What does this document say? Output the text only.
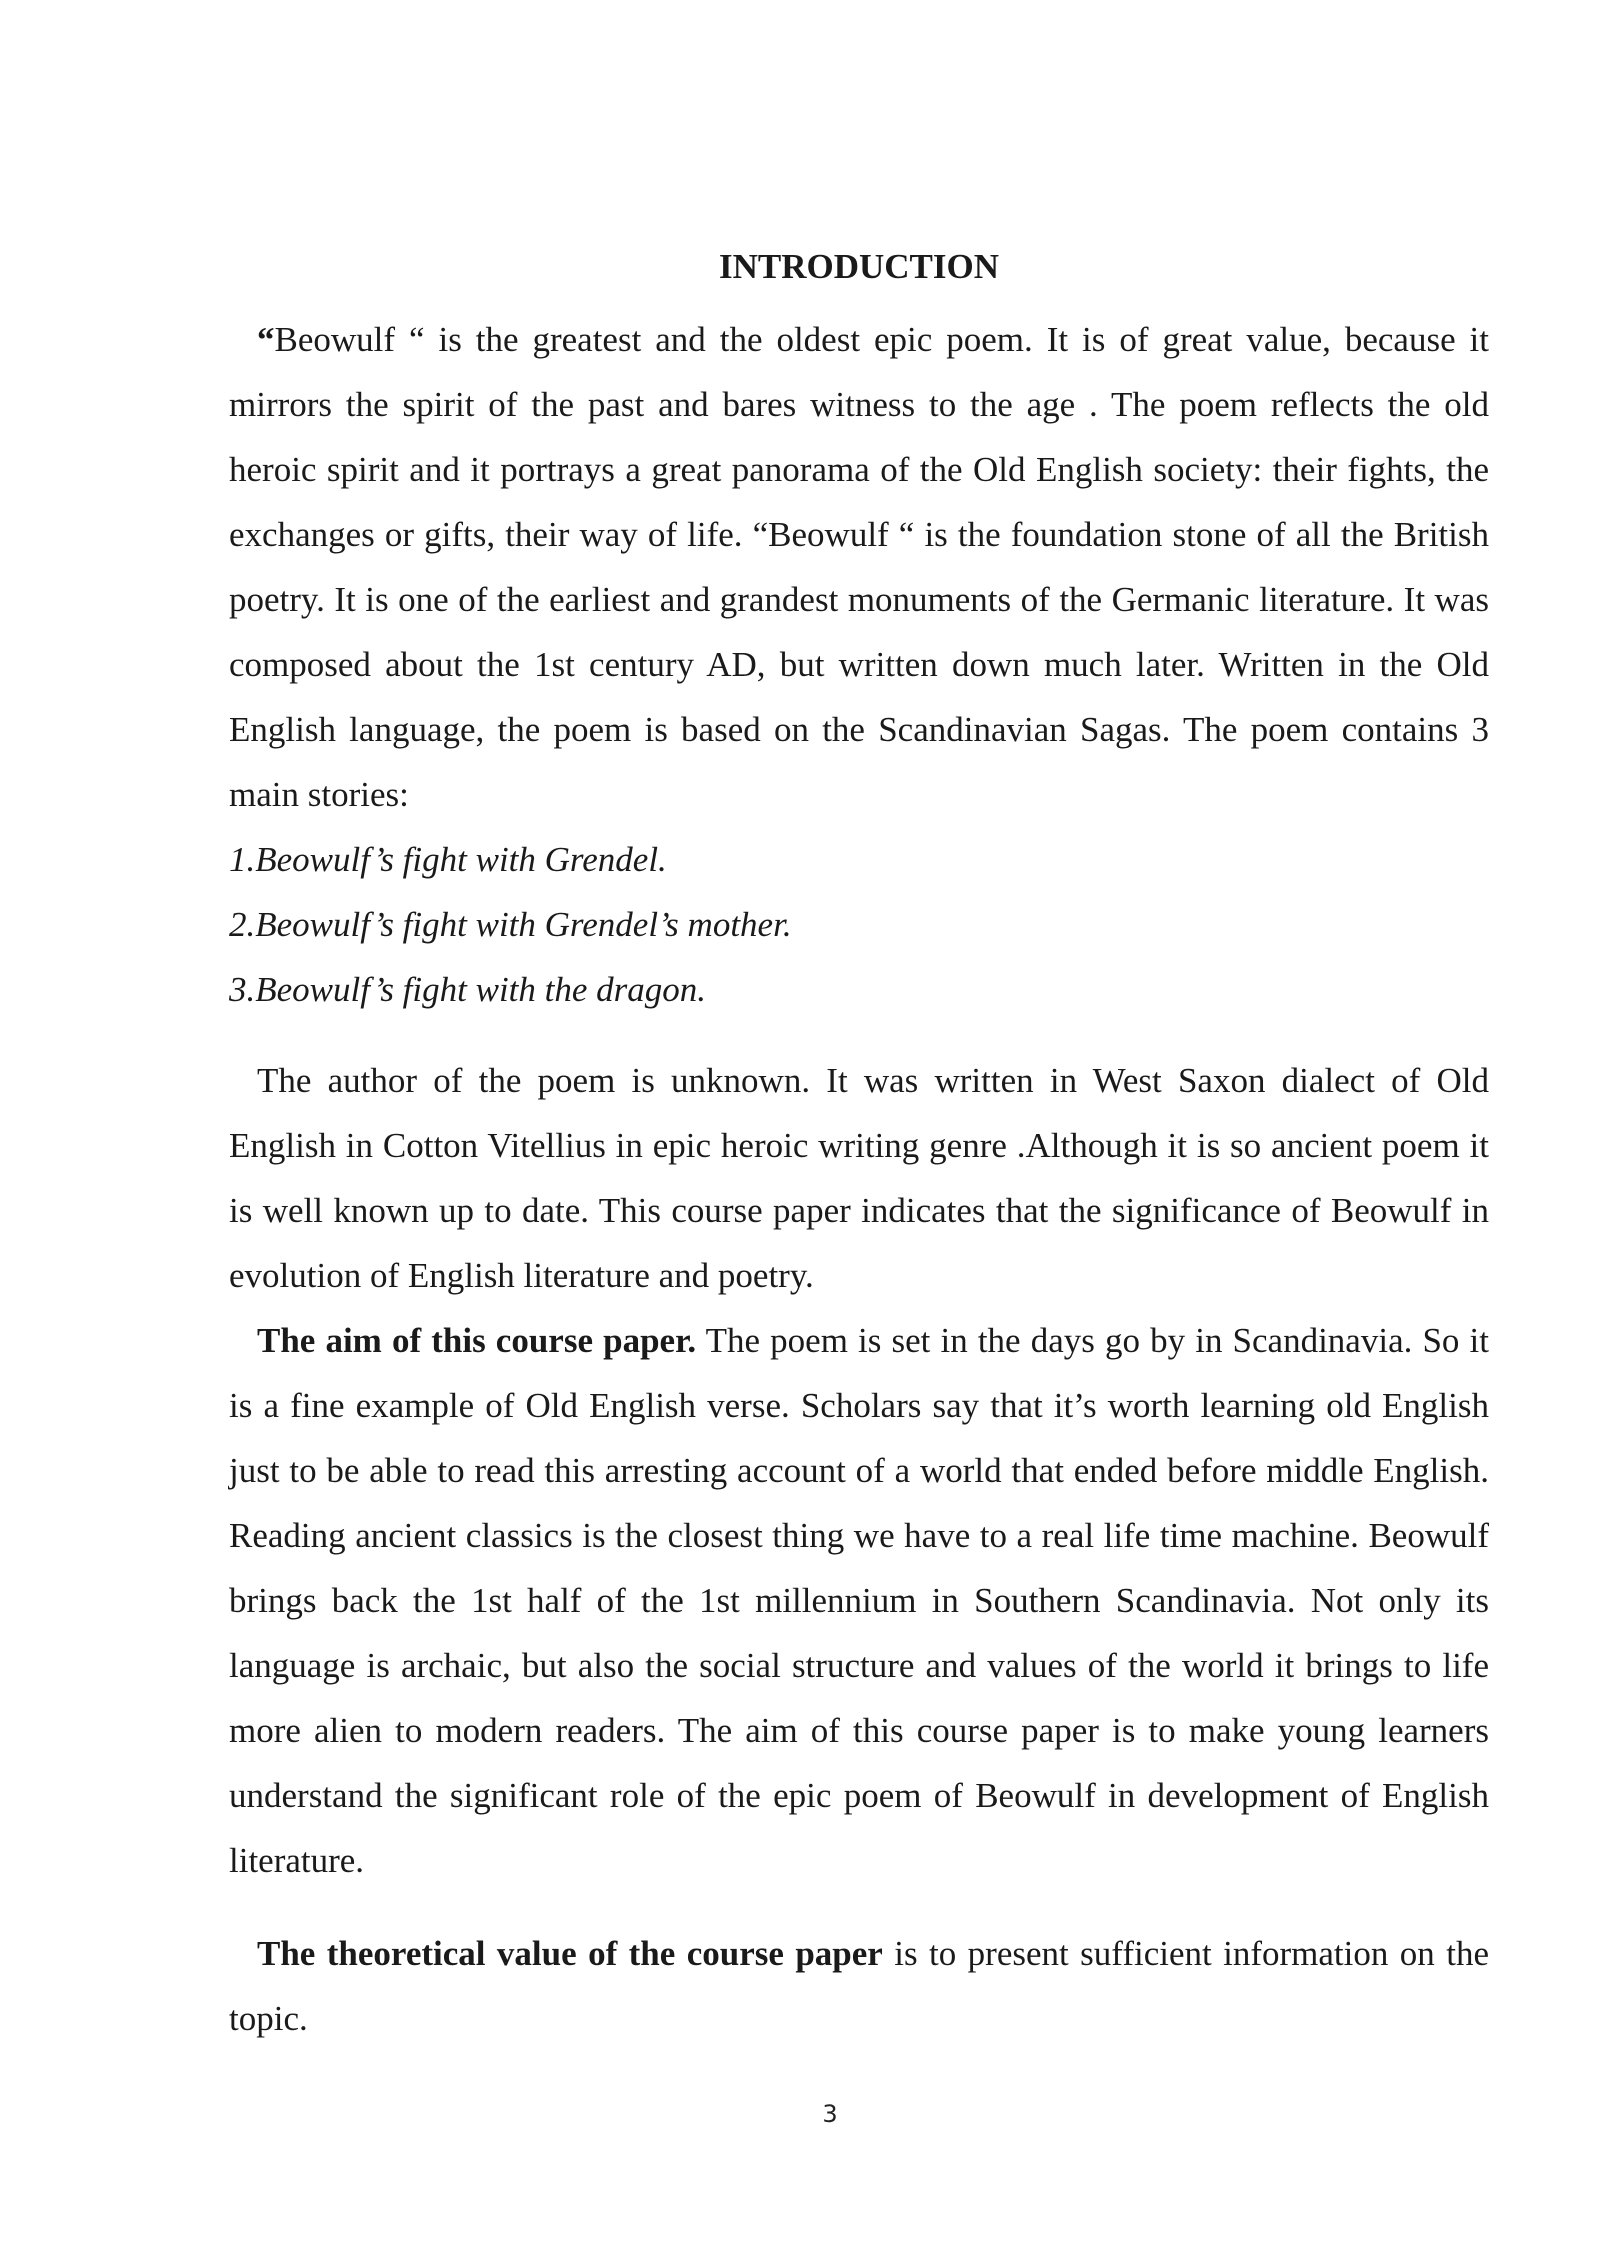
INTRODUCTION

“Beowulf “ is the greatest and the oldest epic poem. It is of great value, because it mirrors the spirit of the past and bares witness to the age . The poem reflects the old heroic spirit and it portrays a great panorama of the Old English society: their fights, the exchanges or gifts, their way of life. “Beowulf “ is the foundation stone of all the British poetry. It is one of the earliest and grandest monuments of the Germanic literature. It was composed about the 1st century AD, but written down much later. Written in the Old English language, the poem is based on the Scandinavian Sagas. The poem contains 3 main stories:

1.Beowulf’s fight with Grendel.
2.Beowulf’s fight with Grendel’s mother.
3.Beowulf’s fight with the dragon.

The author of the poem is unknown. It was written in West Saxon dialect of Old English in Cotton Vitellius in epic heroic writing genre .Although it is so ancient poem it is well known up to date. This course paper indicates that the significance of Beowulf in evolution of English literature and poetry.

The aim of this course paper. The poem is set in the days go by in Scandinavia. So it is a fine example of Old English verse. Scholars say that it’s worth learning old English just to be able to read this arresting account of a world that ended before middle English. Reading ancient classics is the closest thing we have to a real life time machine. Beowulf brings back the 1st half of the 1st millennium in Southern Scandinavia. Not only its language is archaic, but also the social structure and values of the world it brings to life more alien to modern readers. The aim of this course paper is to make young learners understand the significant role of the epic poem of Beowulf in development of English literature.

The theoretical value of the course paper is to present sufficient information on the topic.

3
